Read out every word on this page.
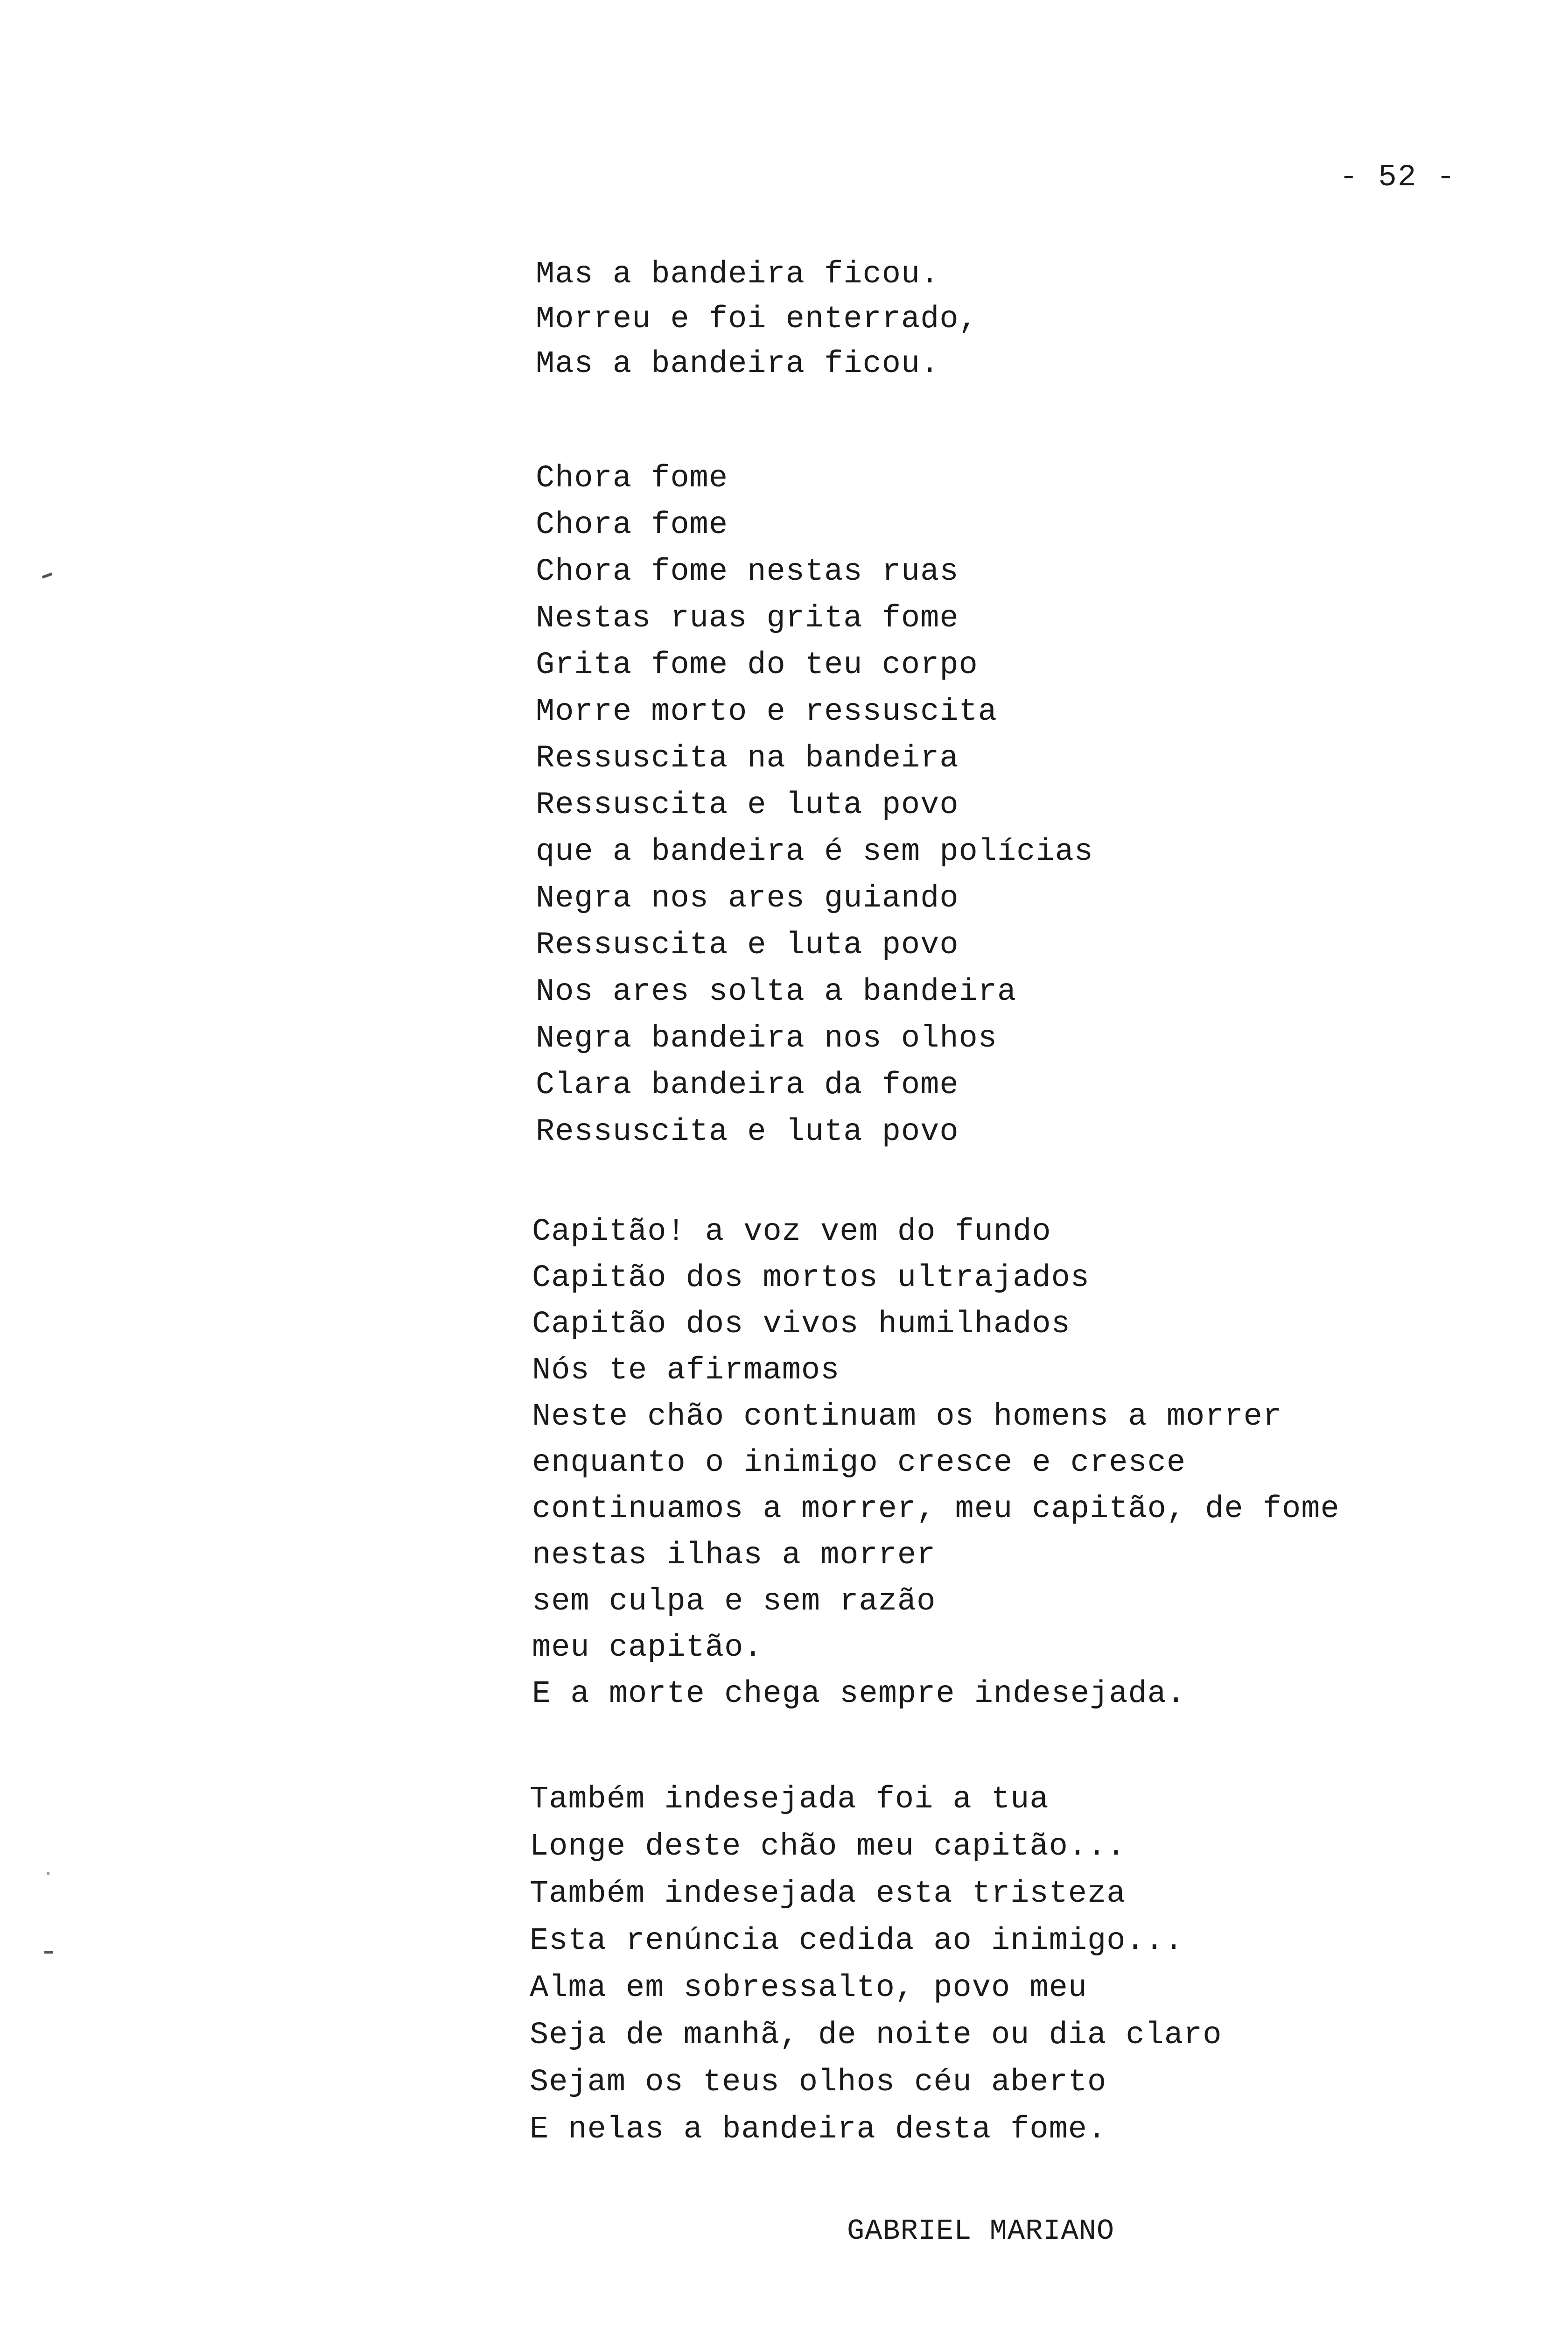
- 52 -
Mas a bandeira ficou.
Morreu e foi enterrado,
Mas a bandeira ficou.
Chora fome
Chora fome
Chora fome nestas ruas
Nestas ruas grita fome
Grita fome do teu corpo
Morre morto e ressuscita
Ressuscita na bandeira
Ressuscita e luta povo
que a bandeira é sem polícias
Negra nos ares guiando
Ressuscita e luta povo
Nos ares solta a bandeira
Negra bandeira nos olhos
Clara bandeira da fome
Ressuscita e luta povo
Capitão! a voz vem do fundo
Capitão dos mortos ultrajados
Capitão dos vivos humilhados
Nós te afirmamos
Neste chão continuam os homens a morrer
enquanto o inimigo cresce e cresce
continuamos a morrer, meu capitão, de fome
nestas ilhas a morrer
sem culpa e sem razão
meu capitão.
E a morte chega sempre indesejada.
Também indesejada foi a tua
Longe deste chão meu capitão...
Também indesejada esta tristeza
Esta renúncia cedida ao inimigo...
Alma em sobressalto, povo meu
Seja de manhã, de noite ou dia claro
Sejam os teus olhos céu aberto
E nelas a bandeira desta fome.
GABRIEL MARIANO
